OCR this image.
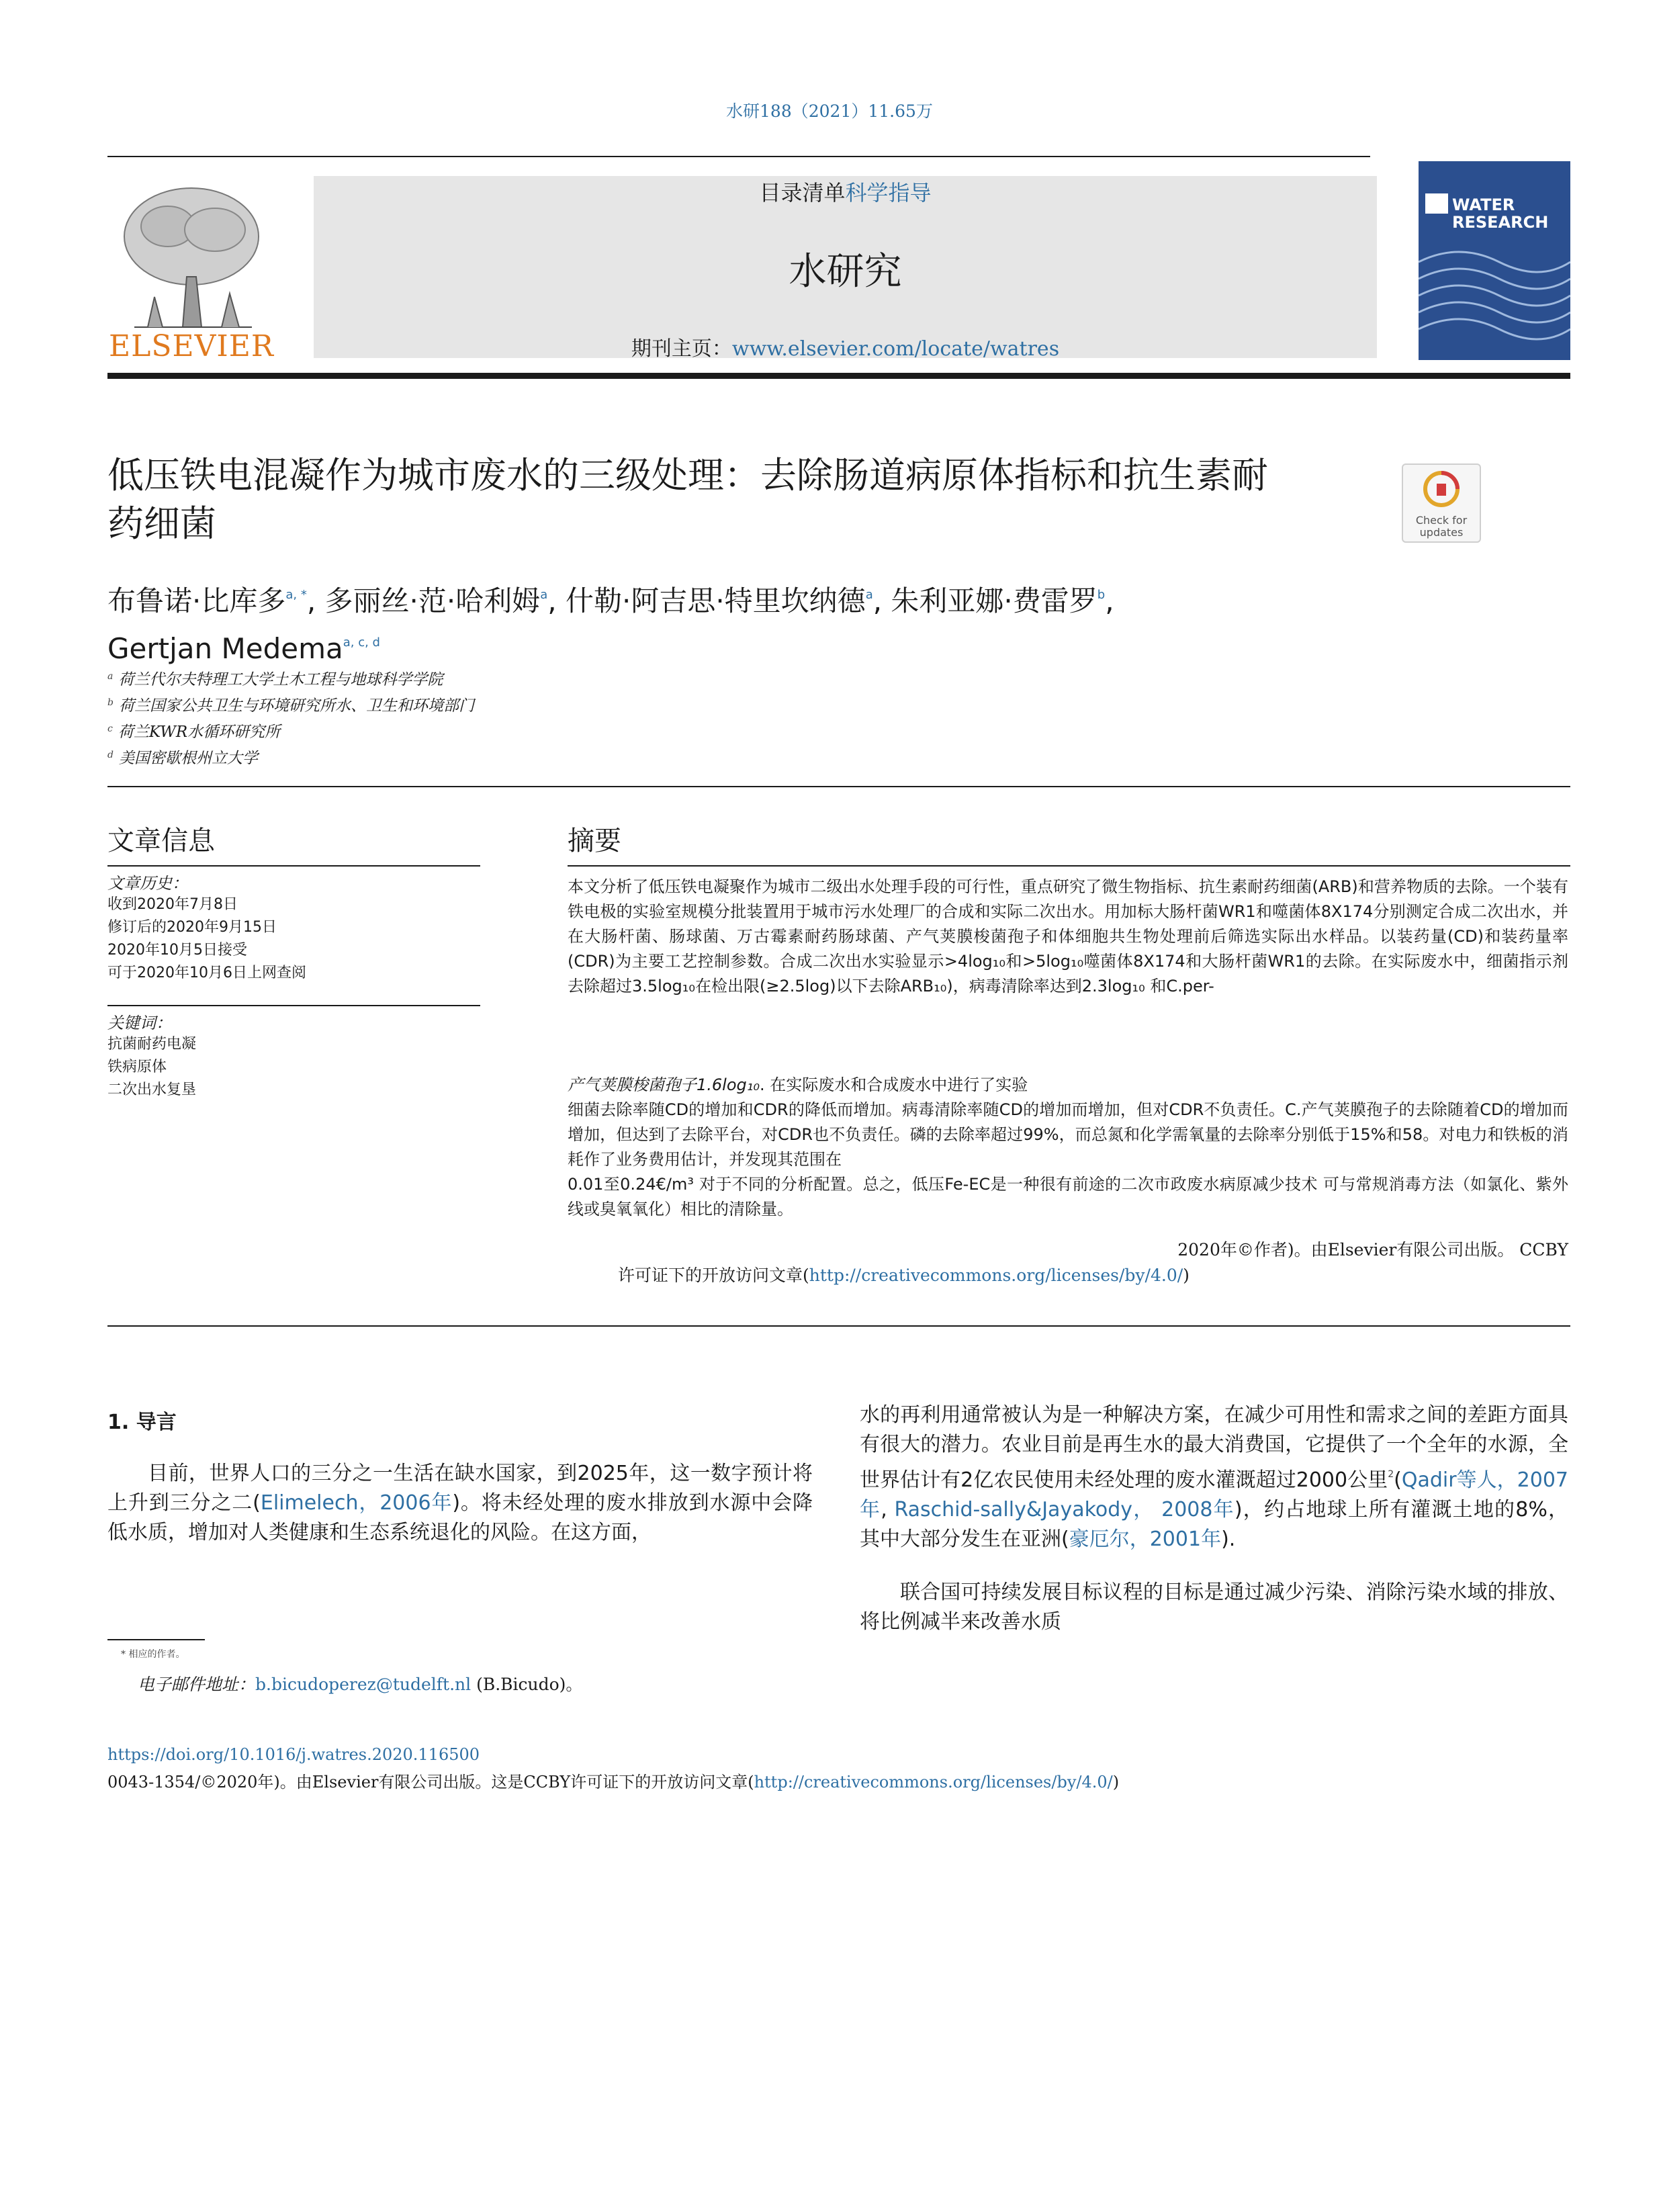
水研188（2021）11.65万
ELSEVIER
目录清单科学指导
水研究
期刊主页：www.elsevier.com/locate/watres
WATER RESEARCH
低压铁电混凝作为城市废水的三级处理：去除肠道病原体指标和抗生素耐药细菌	Check for updates
布鲁诺·比库多$^{a, *}$, 多丽丝·范·哈利姆$^a$, 什勒·阿吉思·特里坎纳德$^a$, 朱利亚娜·费雷罗$^b$,
Gertjan Medema$^{a, c, d}$
$^a$ 荷兰代尔夫特理工大学土木工程与地球科学学院
$^b$ 荷兰国家公共卫生与环境研究所水、卫生和环境部门
$^c$ 荷兰KWR水循环研究所
$^d$ 美国密歇根州立大学
文章信息
文章历史：
收到2020年7月8日
修订后的2020年9月15日
2020年10月5日接受
可于2020年10月6日上网查阅
关键词：
抗菌耐药电凝
铁病原体
二次出水复垦
摘要
本文分析了低压铁电凝聚作为城市二级出水处理手段的可行性，重点研究了微生物指标、抗生素耐药细菌(ARB)和营养物质的去除。一个装有铁电极的实验室规模分批装置用于城市污水处理厂的合成和实际二次出水。用加标大肠杆菌WR1和噬菌体8X174分别测定合成二次出水，并在大肠杆菌、肠球菌、万古霉素耐药肠球菌、产气荚膜梭菌孢子和体细胞共生物处理前后筛选实际出水样品。以装药量(CD)和装药量率(CDR)为主要工艺控制参数。合成二次出水实验显示>4log₁₀和>5log₁₀噬菌体8X174和大肠杆菌WR1的去除。在实际废水中，细菌指示剂去除超过3.5log₁₀在检出限(≥2.5log)以下去除ARB₁₀)，病毒清除率达到2.3log₁₀ 和C.per-
产气荚膜梭菌孢子1.6log₁₀. 在实际废水和合成废水中进行了实验
细菌去除率随CD的增加和CDR的降低而增加。病毒清除率随CD的增加而增加，但对CDR不负责任。C.产气荚膜孢子的去除随着CD的增加而增加，但达到了去除平台，对CDR也不负责任。磷的去除率超过99%，而总氮和化学需氧量的去除率分别低于15%和58。对电力和铁板的消耗作了业务费用估计，并发现其范围在
0.01至0.24€/m³ 对于不同的分析配置。总之，低压Fe-EC是一种很有前途的二次市政废水病原减少技术 可与常规消毒方法（如氯化、紫外线或臭氧氧化）相比的清除量。
2020年©作者)。由Elsevier有限公司出版。 CCBY
许可证下的开放访问文章(http://creativecommons.org/licenses/by/4.0/)
1. 导言
目前，世界人口的三分之一生活在缺水国家，到2025年，这一数字预计将上升到三分之二(Elimelech，2006年)。将未经处理的废水排放到水源中会降低水质，增加对人类健康和生态系统退化的风险。在这方面，
水的再利用通常被认为是一种解决方案，在减少可用性和需求之间的差距方面具有很大的潜力。农业目前是再生水的最大消费国，它提供了一个全年的水源，全世界估计有2亿农民使用未经处理的废水灌溉超过2000公里$^2$(Qadir等人，2007年, Raschid-sally&Jayakody， 2008年)，约占地球上所有灌溉土地的8%，其中大部分发生在亚洲(豪厄尔，2001年).
联合国可持续发展目标议程的目标是通过减少污染、消除污染水域的排放、将比例减半来改善水质
* 相应的作者。
电子邮件地址：b.bicudoperez@tudelft.nl (B.Bicudo)。
https://doi.org/10.1016/j.watres.2020.116500
0043-1354/©2020年)。由Elsevier有限公司出版。这是CCBY许可证下的开放访问文章(http://creativecommons.org/licenses/by/4.0/)
